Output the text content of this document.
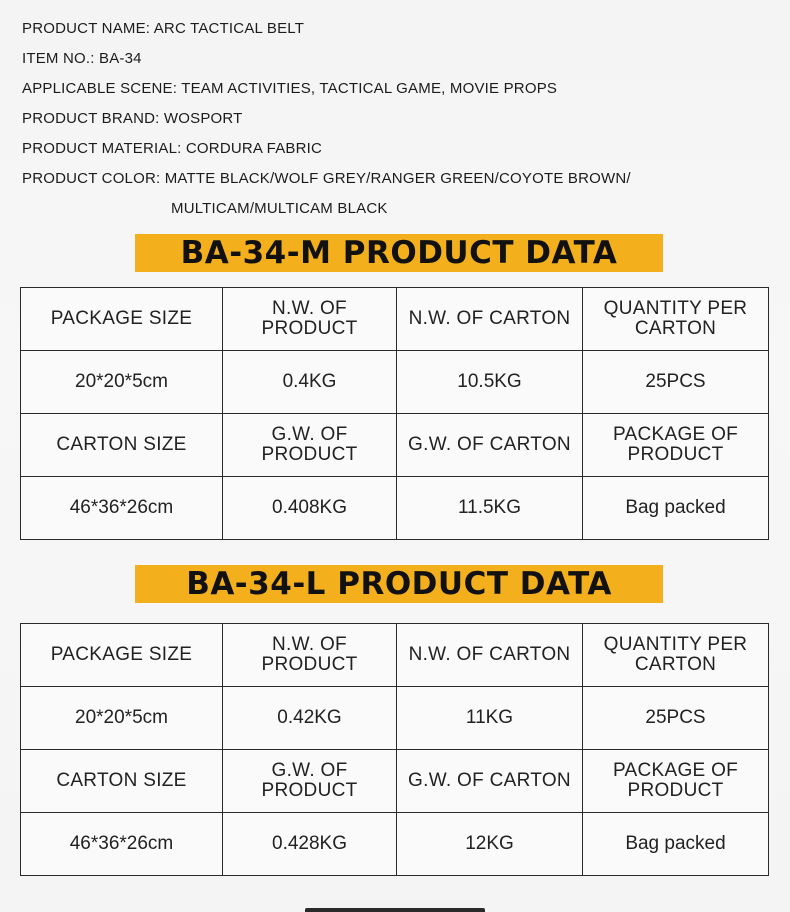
PRODUCT NAME: ARC TACTICAL BELT
ITEM NO.: BA-34
APPLICABLE SCENE: TEAM ACTIVITIES, TACTICAL GAME, MOVIE PROPS
PRODUCT BRAND: WOSPORT
PRODUCT MATERIAL: CORDURA FABRIC
PRODUCT COLOR: MATTE BLACK/WOLF GREY/RANGER GREEN/COYOTE BROWN/
MULTICAM/MULTICAM BLACK
BA-34-M PRODUCT DATA
PACKAGE SIZE	N.W. OF PRODUCT	N.W. OF CARTON	QUANTITY PER CARTON
20*20*5cm	0.4KG	10.5KG	25PCS
CARTON SIZE	G.W. OF PRODUCT	G.W. OF CARTON	PACKAGE OF PRODUCT
46*36*26cm	0.408KG	11.5KG	Bag packed
BA-34-L PRODUCT DATA
PACKAGE SIZE	N.W. OF PRODUCT	N.W. OF CARTON	QUANTITY PER CARTON
20*20*5cm	0.42KG	11KG	25PCS
CARTON SIZE	G.W. OF PRODUCT	G.W. OF CARTON	PACKAGE OF PRODUCT
46*36*26cm	0.428KG	12KG	Bag packed
